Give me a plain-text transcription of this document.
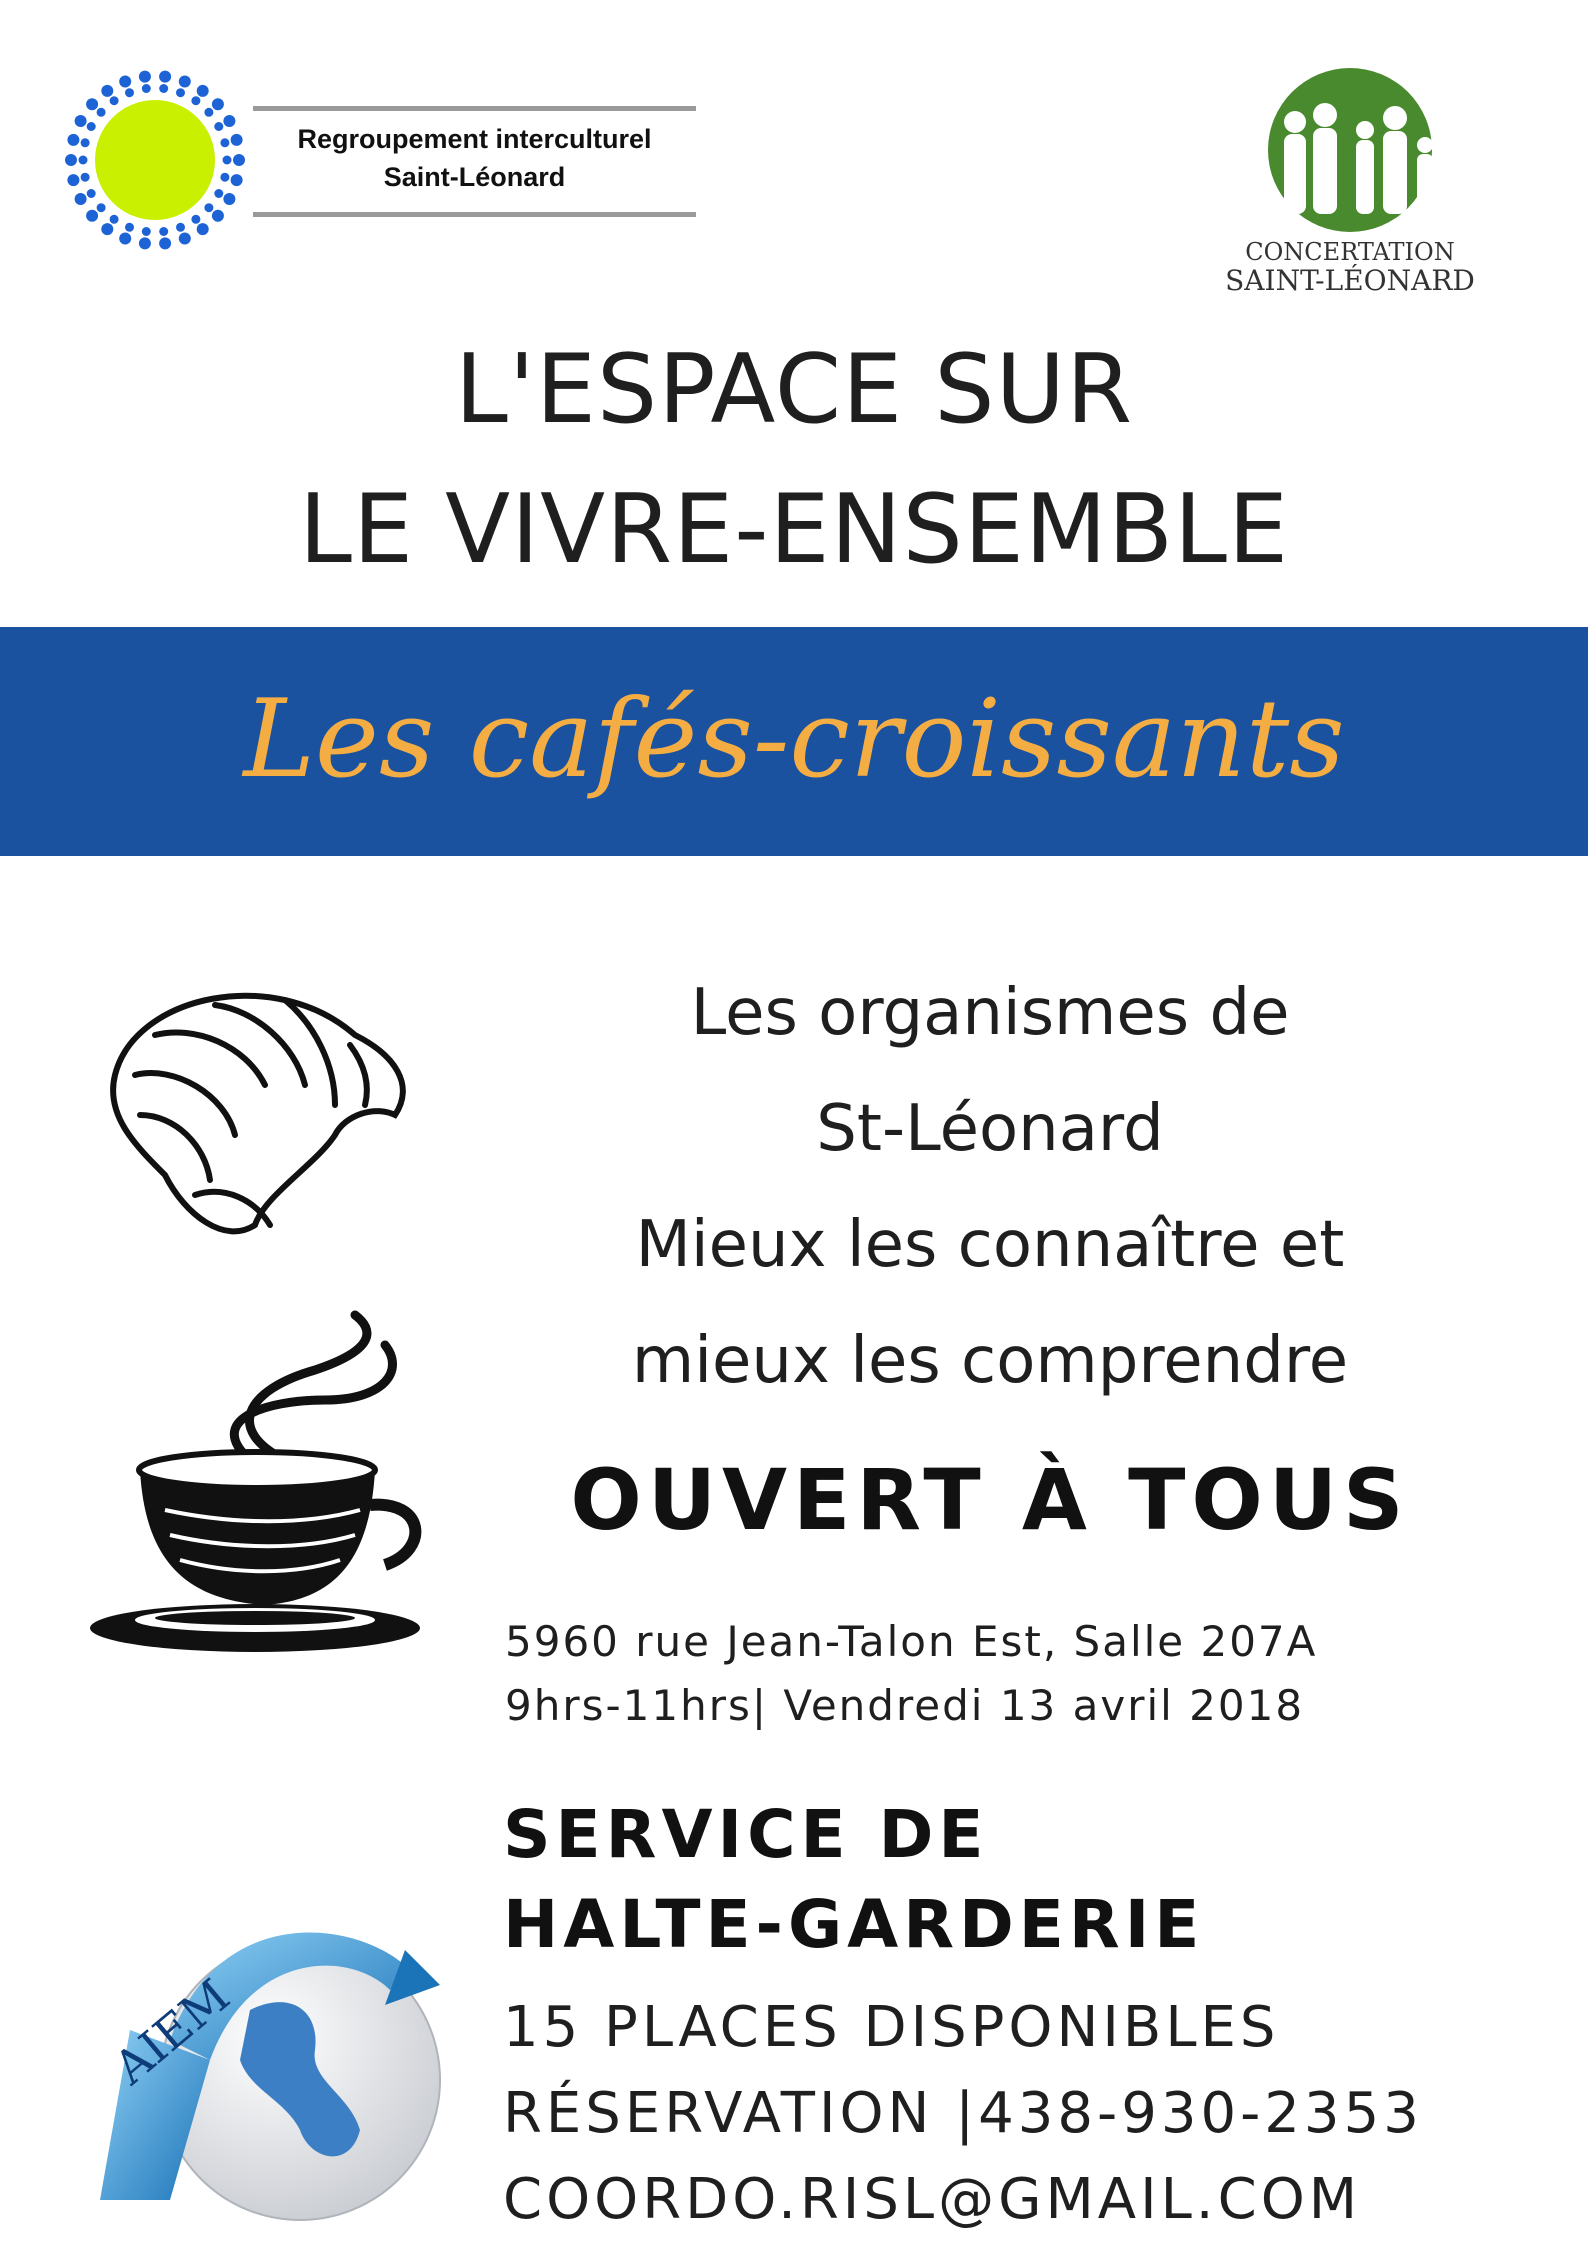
Regroupement interculturel
Saint-Léonard
CONCERTATION
SAINT-LÉONARD
L'ESPACE SUR
LE VIVRE-ENSEMBLE
Les cafés-croissants
Les organismes de
St-Léonard
Mieux les connaître et
mieux les comprendre
OUVERT À TOUS
5960 rue Jean-Talon Est, Salle 207A
9hrs-11hrs| Vendredi 13 avril 2018
SERVICE DE
HALTE-GARDERIE
15 PLACES DISPONIBLES
RÉSERVATION |438-930-2353
COORDO.RISL@GMAIL.COM
AIEM
